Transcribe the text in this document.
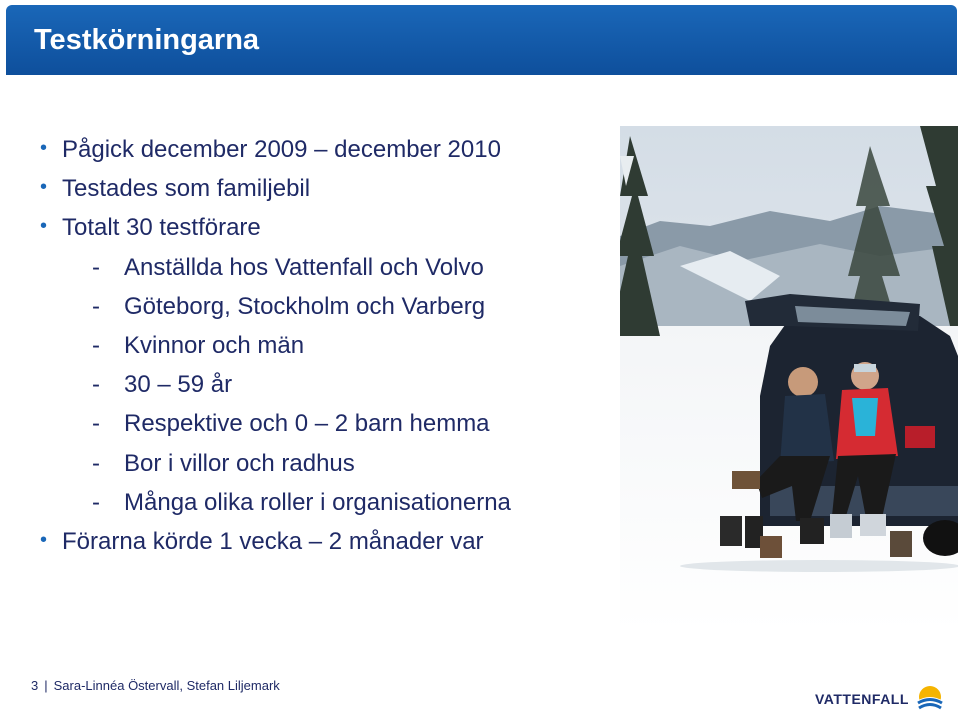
Testkörningarna
• Pågick december 2009 – december 2010
• Testades som familjebil
• Totalt 30 testförare
- Anställda hos Vattenfall och Volvo
- Göteborg, Stockholm och Varberg
- Kvinnor och män
- 30 – 59 år
- Respektive och 0 – 2 barn hemma
- Bor i villor och radhus
- Många olika roller i organisationerna
• Förarna körde 1 vecka – 2 månader var
3 | Sara-Linnéa Östervall, Stefan Liljemark
VATTENFALL
